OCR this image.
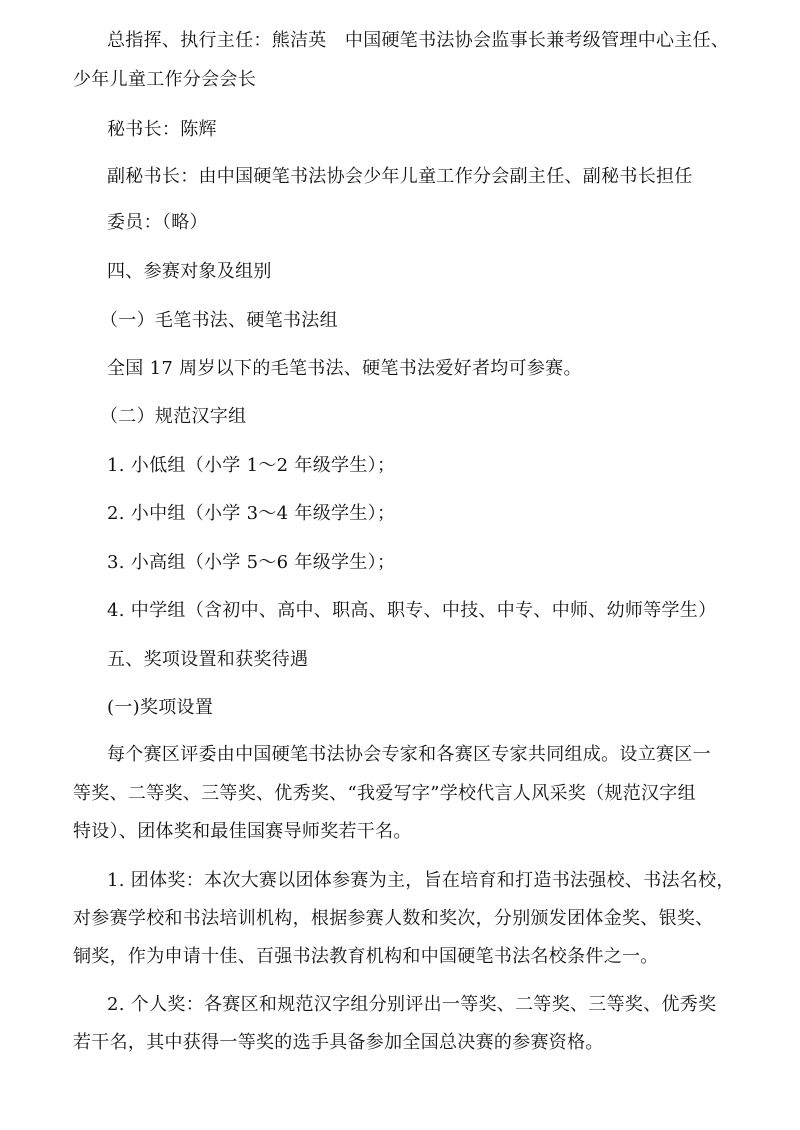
总指挥、执行主任：熊洁英　中国硬笔书法协会监事长兼考级管理中心主任、
少年儿童工作分会会长
秘书长：陈辉
副秘书长：由中国硬笔书法协会少年儿童工作分会副主任、副秘书长担任
委员：（略）
四、参赛对象及组别
（一）毛笔书法、硬笔书法组
全国 17 周岁以下的毛笔书法、硬笔书法爱好者均可参赛。
（二）规范汉字组
1. 小低组（小学 1～2 年级学生）；
2. 小中组（小学 3～4 年级学生）；
3. 小高组（小学 5～6 年级学生）；
4. 中学组（含初中、高中、职高、职专、中技、中专、中师、幼师等学生）
五、奖项设置和获奖待遇
(一)奖项设置
每个赛区评委由中国硬笔书法协会专家和各赛区专家共同组成。设立赛区一
等奖、二等奖、三等奖、优秀奖、“我爱写字”学校代言人风采奖（规范汉字组
特设）、团体奖和最佳国赛导师奖若干名。
1. 团体奖：本次大赛以团体参赛为主，旨在培育和打造书法强校、书法名校，
对参赛学校和书法培训机构，根据参赛人数和奖次，分别颁发团体金奖、银奖、
铜奖，作为申请十佳、百强书法教育机构和中国硬笔书法名校条件之一。
2. 个人奖：各赛区和规范汉字组分别评出一等奖、二等奖、三等奖、优秀奖
若干名，其中获得一等奖的选手具备参加全国总决赛的参赛资格。
